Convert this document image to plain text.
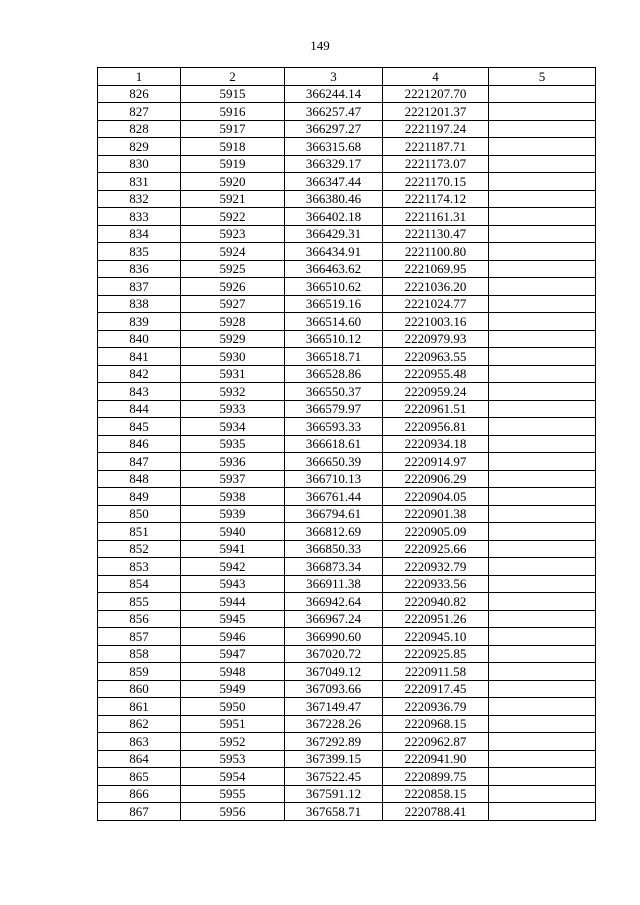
149
1	2	3	4	5
826	5915	366244.14	2221207.70	
827	5916	366257.47	2221201.37	
828	5917	366297.27	2221197.24	
829	5918	366315.68	2221187.71	
830	5919	366329.17	2221173.07	
831	5920	366347.44	2221170.15	
832	5921	366380.46	2221174.12	
833	5922	366402.18	2221161.31	
834	5923	366429.31	2221130.47	
835	5924	366434.91	2221100.80	
836	5925	366463.62	2221069.95	
837	5926	366510.62	2221036.20	
838	5927	366519.16	2221024.77	
839	5928	366514.60	2221003.16	
840	5929	366510.12	2220979.93	
841	5930	366518.71	2220963.55	
842	5931	366528.86	2220955.48	
843	5932	366550.37	2220959.24	
844	5933	366579.97	2220961.51	
845	5934	366593.33	2220956.81	
846	5935	366618.61	2220934.18	
847	5936	366650.39	2220914.97	
848	5937	366710.13	2220906.29	
849	5938	366761.44	2220904.05	
850	5939	366794.61	2220901.38	
851	5940	366812.69	2220905.09	
852	5941	366850.33	2220925.66	
853	5942	366873.34	2220932.79	
854	5943	366911.38	2220933.56	
855	5944	366942.64	2220940.82	
856	5945	366967.24	2220951.26	
857	5946	366990.60	2220945.10	
858	5947	367020.72	2220925.85	
859	5948	367049.12	2220911.58	
860	5949	367093.66	2220917.45	
861	5950	367149.47	2220936.79	
862	5951	367228.26	2220968.15	
863	5952	367292.89	2220962.87	
864	5953	367399.15	2220941.90	
865	5954	367522.45	2220899.75	
866	5955	367591.12	2220858.15	
867	5956	367658.71	2220788.41	
